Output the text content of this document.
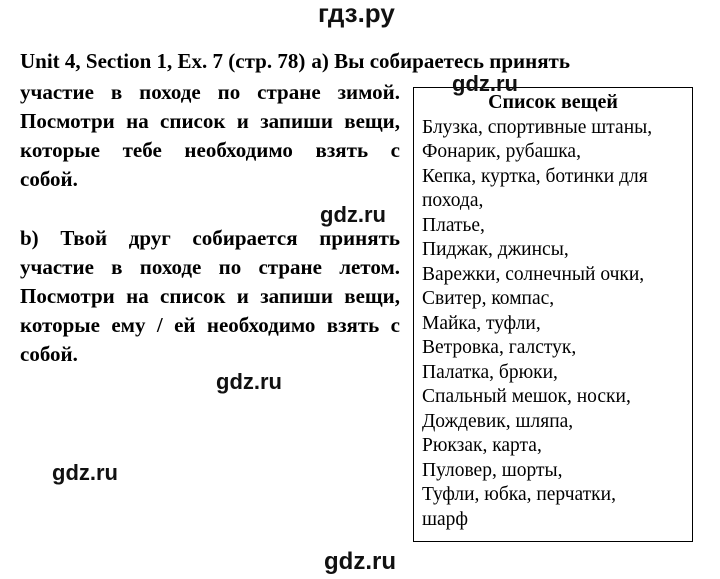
гдз.ру

Unit 4, Section 1, Ex. 7 (стр. 78) a) Вы собираетесь принять

участие в походе по стране зимой.
Посмотри на список и запиши вещи,
которые тебе необходимо взять с
собой.
b) Твой друг собирается принять
участие в походе по стране летом.
Посмотри на список и запиши вещи,
которые ему / ей необходимо взять с
собой.

Список вещей

Блузка, спортивные штаны,
Фонарик, рубашка,
Кепка, куртка, ботинки для
похода,
Платье,
Пиджак, джинсы,
Варежки, солнечный очки,
Свитер, компас,
Майка, туфли,
Ветровка, галстук,
Палатка, брюки,
Спальный мешок, носки,
Дождевик, шляпа,
Рюкзак, карта,
Пуловер, шорты,
Туфли, юбка, перчатки,
шарф
gdz.ru
gdz.ru
gdz.ru
gdz.ru
gdz.ru
